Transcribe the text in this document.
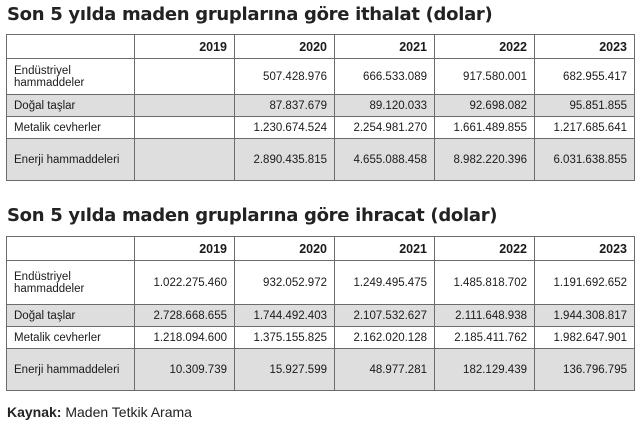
Son 5 yılda maden gruplarına göre ithalat (dolar)
	2019	2020	2021	2022	2023
Endüstriyel hammaddeler		507.428.976	666.533.089	917.580.001	682.955.417
Doğal taşlar		87.837.679	89.120.033	92.698.082	95.851.855
Metalik cevherler		1.230.674.524	2.254.981.270	1.661.489.855	1.217.685.641
Enerji hammaddeleri		2.890.435.815	4.655.088.458	8.982.220.396	6.031.638.855
Son 5 yılda maden gruplarına göre ihracat (dolar)
	2019	2020	2021	2022	2023
Endüstriyel hammaddeler	1.022.275.460	932.052.972	1.249.495.475	1.485.818.702	1.191.692.652
Doğal taşlar	2.728.668.655	1.744.492.403	2.107.532.627	2.111.648.938	1.944.308.817
Metalik cevherler	1.218.094.600	1.375.155.825	2.162.020.128	2.185.411.762	1.982.647.901
Enerji hammaddeleri	10.309.739	15.927.599	48.977.281	182.129.439	136.796.795
Kaynak: Maden Tetkik Arama
